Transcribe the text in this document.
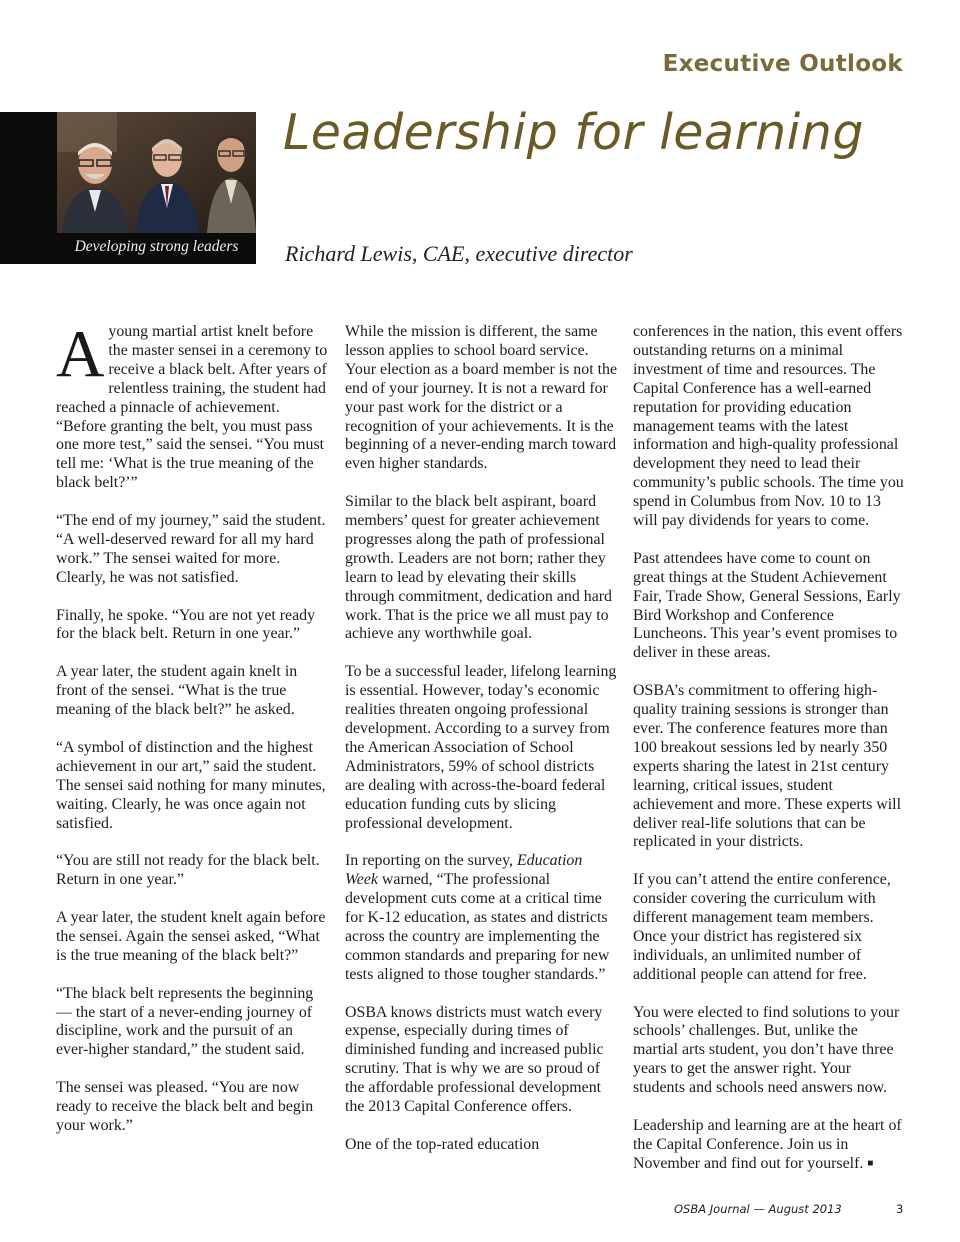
Executive Outlook
Developing strong leaders
Leadership for learning
Richard Lewis, CAE, executive director

Ayoung martial artist knelt before the master sensei in a ceremony to receive a black belt. After years of relentless training, the student had reached a pinnacle of achievement. “Before granting the belt, you must pass one more test,” said the sensei. “You must tell me: ‘What is the true meaning of the black belt?’”

“The end of my journey,” said the student. “A well-deserved reward for all my hard work.” The sensei waited for more. Clearly, he was not satisfied.

Finally, he spoke. “You are not yet ready for the black belt. Return in one year.”

A year later, the student again knelt in front of the sensei. “What is the true meaning of the black belt?” he asked.

“A symbol of distinction and the highest achievement in our art,” said the student. The sensei said nothing for many minutes, waiting. Clearly, he was once again not satisfied.

“You are still not ready for the black belt. Return in one year.”

A year later, the student knelt again before the sensei. Again the sensei asked, “What is the true meaning of the black belt?”

“The black belt represents the beginning — the start of a never-ending journey of discipline, work and the pursuit of an ever-higher standard,” the student said.

The sensei was pleased. “You are now ready to receive the black belt and begin your work.”

While the mission is different, the same lesson applies to school board service. Your election as a board member is not the end of your journey. It is not a reward for your past work for the district or a recognition of your achievements. It is the beginning of a never-ending march toward even higher standards.

Similar to the black belt aspirant, board members’ quest for greater achievement progresses along the path of professional growth. Leaders are not born; rather they learn to lead by elevating their skills through commitment, dedication and hard work. That is the price we all must pay to achieve any worthwhile goal.

To be a successful leader, lifelong learning is essential. However, today’s economic realities threaten ongoing professional development. According to a survey from the American Association of School Administrators, 59% of school districts are dealing with across-the-board federal education funding cuts by slicing professional development.

In reporting on the survey, Education Week warned, “The professional development cuts come at a critical time for K-12 education, as states and districts across the country are implementing the common standards and preparing for new tests aligned to those tougher standards.”

OSBA knows districts must watch every expense, especially during times of diminished funding and increased public scrutiny. That is why we are so proud of the affordable professional development the 2013 Capital Conference offers.

One of the top-rated education

conferences in the nation, this event offers outstanding returns on a minimal investment of time and resources. The Capital Conference has a well-earned reputation for providing education management teams with the latest information and high-quality professional development they need to lead their community’s public schools. The time you spend in Columbus from Nov. 10 to 13 will pay dividends for years to come.

Past attendees have come to count on great things at the Student Achievement Fair, Trade Show, General Sessions, Early Bird Workshop and Conference Luncheons. This year’s event promises to deliver in these areas.

OSBA’s commitment to offering high-quality training sessions is stronger than ever. The conference features more than 100 breakout sessions led by nearly 350 experts sharing the latest in 21st century learning, critical issues, student achievement and more. These experts will deliver real-life solutions that can be replicated in your districts.

If you can’t attend the entire conference, consider covering the curriculum with different management team members. Once your district has registered six individuals, an unlimited number of additional people can attend for free.

You were elected to find solutions to your schools’ challenges. But, unlike the martial arts student, you don’t have three years to get the answer right. Your students and schools need answers now.

Leadership and learning are at the heart of the Capital Conference. Join us in November and find out for yourself. ■

OSBA Journal — August 2013	3
